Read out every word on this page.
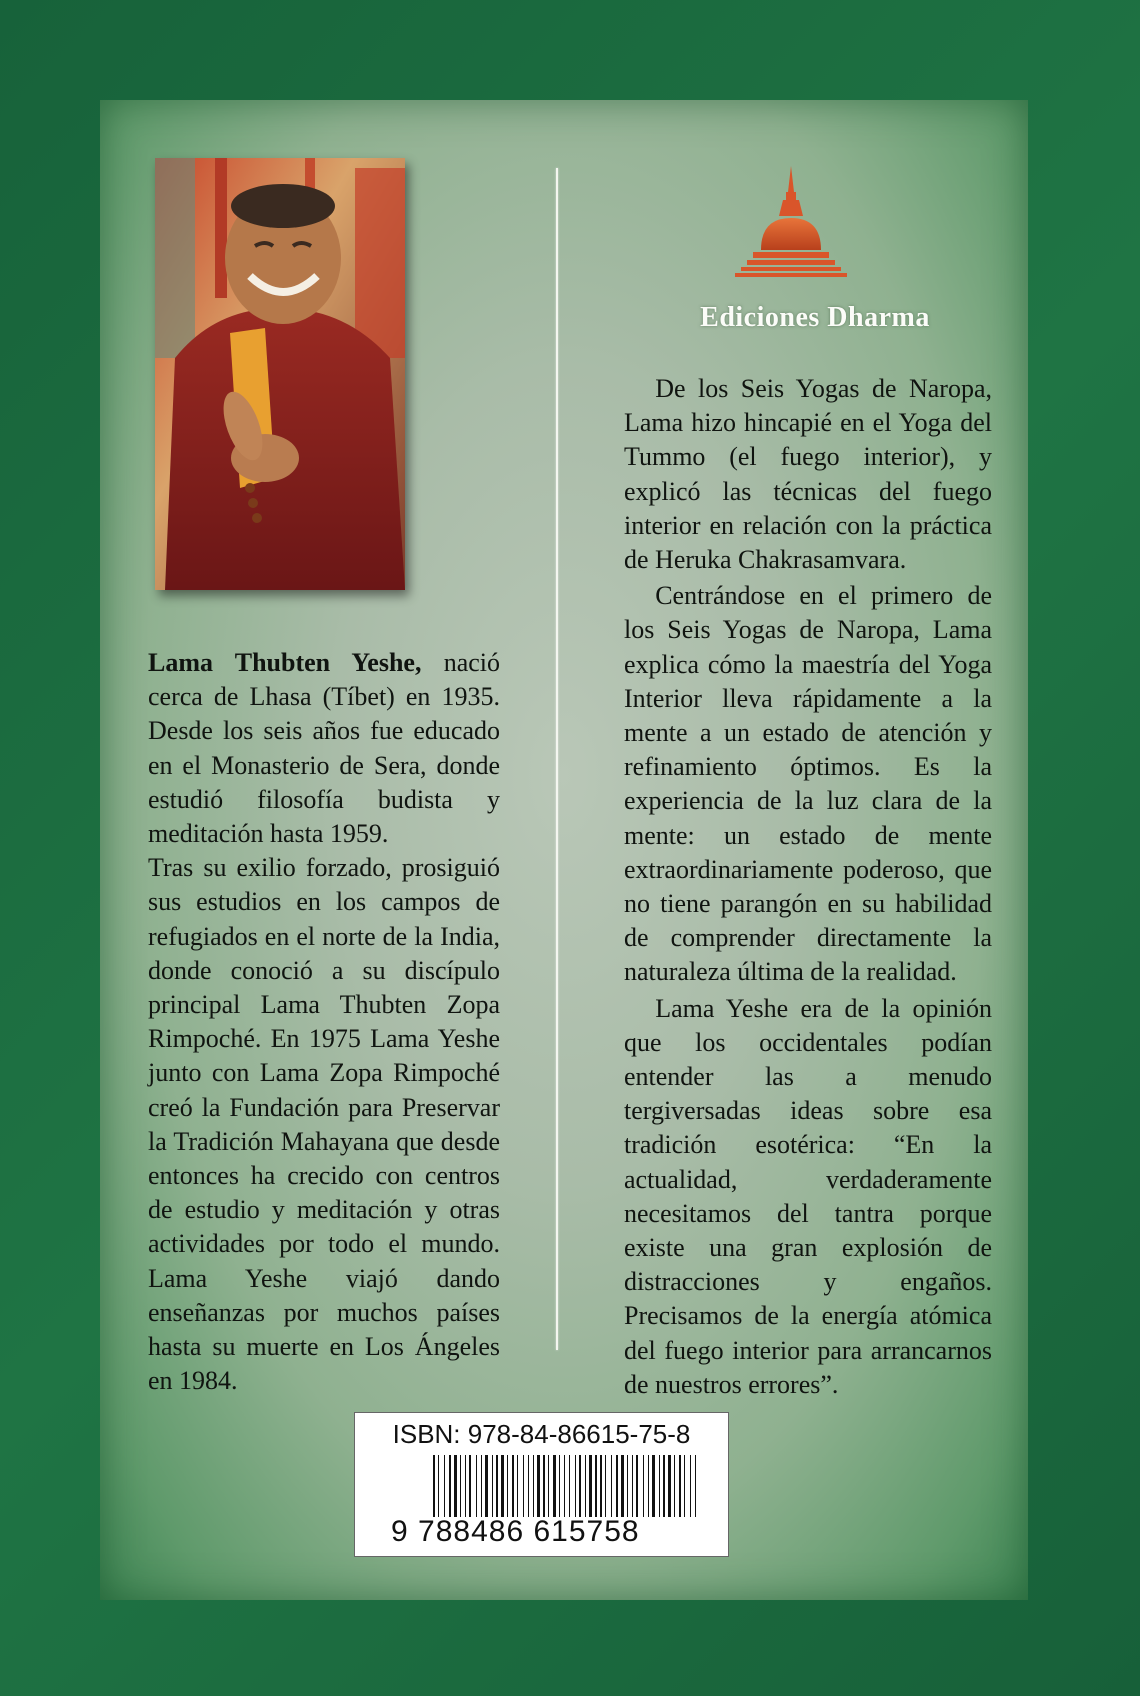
Ediciones Dharma

Lama Thubten Yeshe, nació cerca de Lhasa (Tíbet) en 1935. Desde los seis años fue educado en el Monasterio de Sera, donde estudió filosofía budista y meditación hasta 1959.

Tras su exilio forzado, prosiguió sus estudios en los campos de refugiados en el norte de la India, donde conoció a su discípulo principal Lama Thubten Zopa Rimpoché. En 1975 Lama Yeshe junto con Lama Zopa Rimpoché creó la Fundación para Preservar la Tradición Mahayana que desde entonces ha crecido con centros de estudio y meditación y otras actividades por todo el mundo. Lama Yeshe viajó dando enseñanzas por muchos países hasta su muerte en Los Ángeles en 1984.

De los Seis Yogas de Naropa, Lama hizo hincapié en el Yoga del Tummo (el fuego interior), y explicó las técnicas del fuego interior en relación con la práctica de Heruka Chakrasamvara.

Centrándose en el primero de los Seis Yogas de Naropa, Lama explica cómo la maestría del Yoga Interior lleva rápidamente a la mente a un estado de atención y refinamiento óptimos. Es la experiencia de la luz clara de la mente: un estado de mente extraordinariamente poderoso, que no tiene parangón en su habilidad de comprender directamente la naturaleza última de la realidad.

Lama Yeshe era de la opinión que los occidentales podían entender las a menudo tergiversadas ideas sobre esa tradición esotérica: “En la actualidad, verdaderamente necesitamos del tantra porque existe una gran explosión de distracciones y engaños. Precisamos de la energía atómica del fuego interior para arrancarnos de nuestros errores”.

ISBN: 978-84-86615-75-8
9 788486 615758
